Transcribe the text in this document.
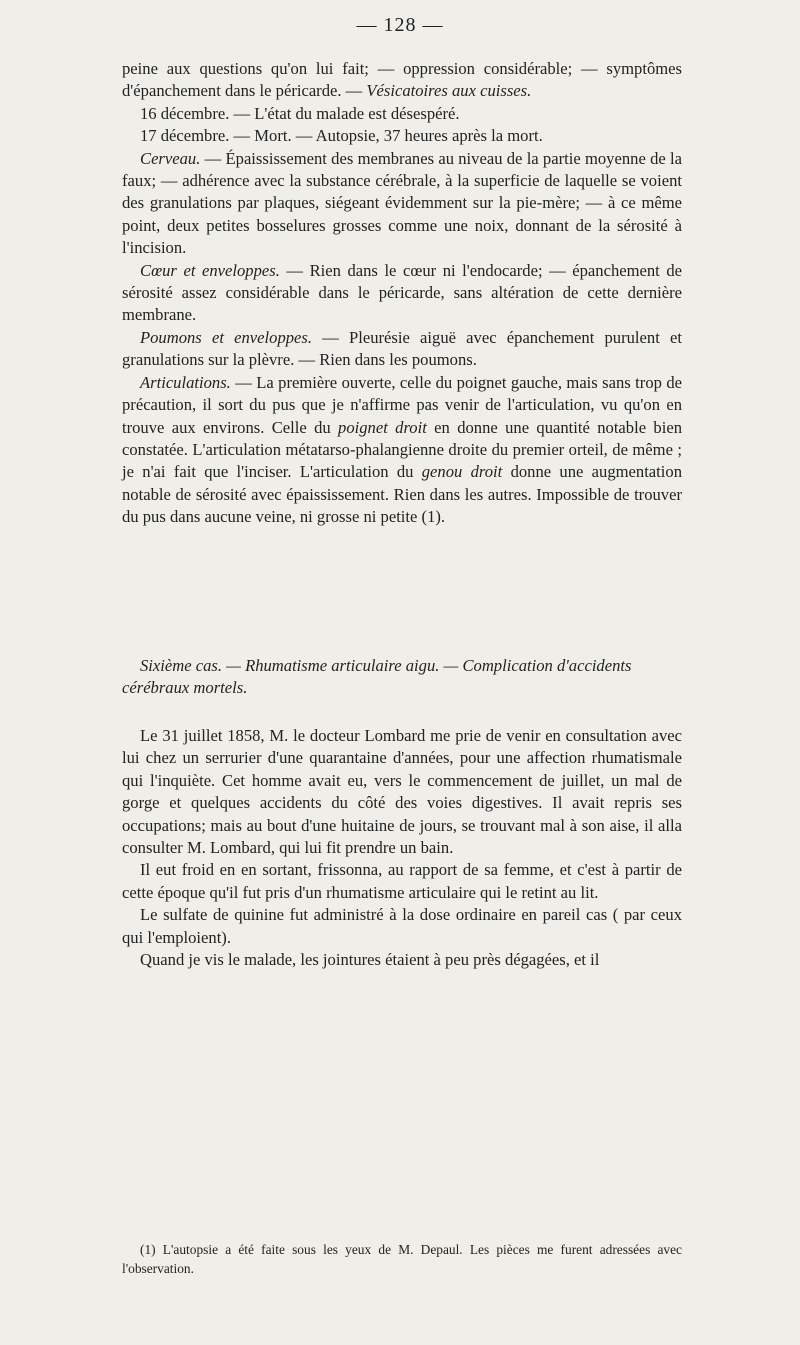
— 128 —

peine aux questions qu'on lui fait; — oppression considérable; — symptômes d'épanchement dans le péricarde. — Vésicatoires aux cuisses.

16 décembre. — L'état du malade est désespéré.

17 décembre. — Mort. — Autopsie, 37 heures après la mort.

Cerveau. — Épaississement des membranes au niveau de la partie moyenne de la faux; — adhérence avec la substance cérébrale, à la superficie de laquelle se voient des granulations par plaques, siégeant évidemment sur la pie-mère; — à ce même point, deux petites bosselures grosses comme une noix, donnant de la sérosité à l'incision.

Cœur et enveloppes. — Rien dans le cœur ni l'endocarde; — épanchement de sérosité assez considérable dans le péricarde, sans altération de cette dernière membrane.

Poumons et enveloppes. — Pleurésie aiguë avec épanchement purulent et granulations sur la plèvre. — Rien dans les poumons.

Articulations. — La première ouverte, celle du poignet gauche, mais sans trop de précaution, il sort du pus que je n'affirme pas venir de l'articulation, vu qu'on en trouve aux environs. Celle du poignet droit en donne une quantité notable bien constatée. L'articulation métatarso-phalangienne droite du premier orteil, de même ; je n'ai fait que l'inciser. L'articulation du genou droit donne une augmentation notable de sérosité avec épaississement. Rien dans les autres. Impossible de trouver du pus dans aucune veine, ni grosse ni petite (1).

Sixième cas. — Rhumatisme articulaire aigu. — Complication d'accidents cérébraux mortels.

Le 31 juillet 1858, M. le docteur Lombard me prie de venir en consultation avec lui chez un serrurier d'une quarantaine d'années, pour une affection rhumatismale qui l'inquiète. Cet homme avait eu, vers le commencement de juillet, un mal de gorge et quelques accidents du côté des voies digestives. Il avait repris ses occupations; mais au bout d'une huitaine de jours, se trouvant mal à son aise, il alla consulter M. Lombard, qui lui fit prendre un bain.

Il eut froid en en sortant, frissonna, au rapport de sa femme, et c'est à partir de cette époque qu'il fut pris d'un rhumatisme articulaire qui le retint au lit.

Le sulfate de quinine fut administré à la dose ordinaire en pareil cas ( par ceux qui l'emploient).

Quand je vis le malade, les jointures étaient à peu près dégagées, et il

(1) L'autopsie a été faite sous les yeux de M. Depaul. Les pièces me furent adressées avec l'observation.
